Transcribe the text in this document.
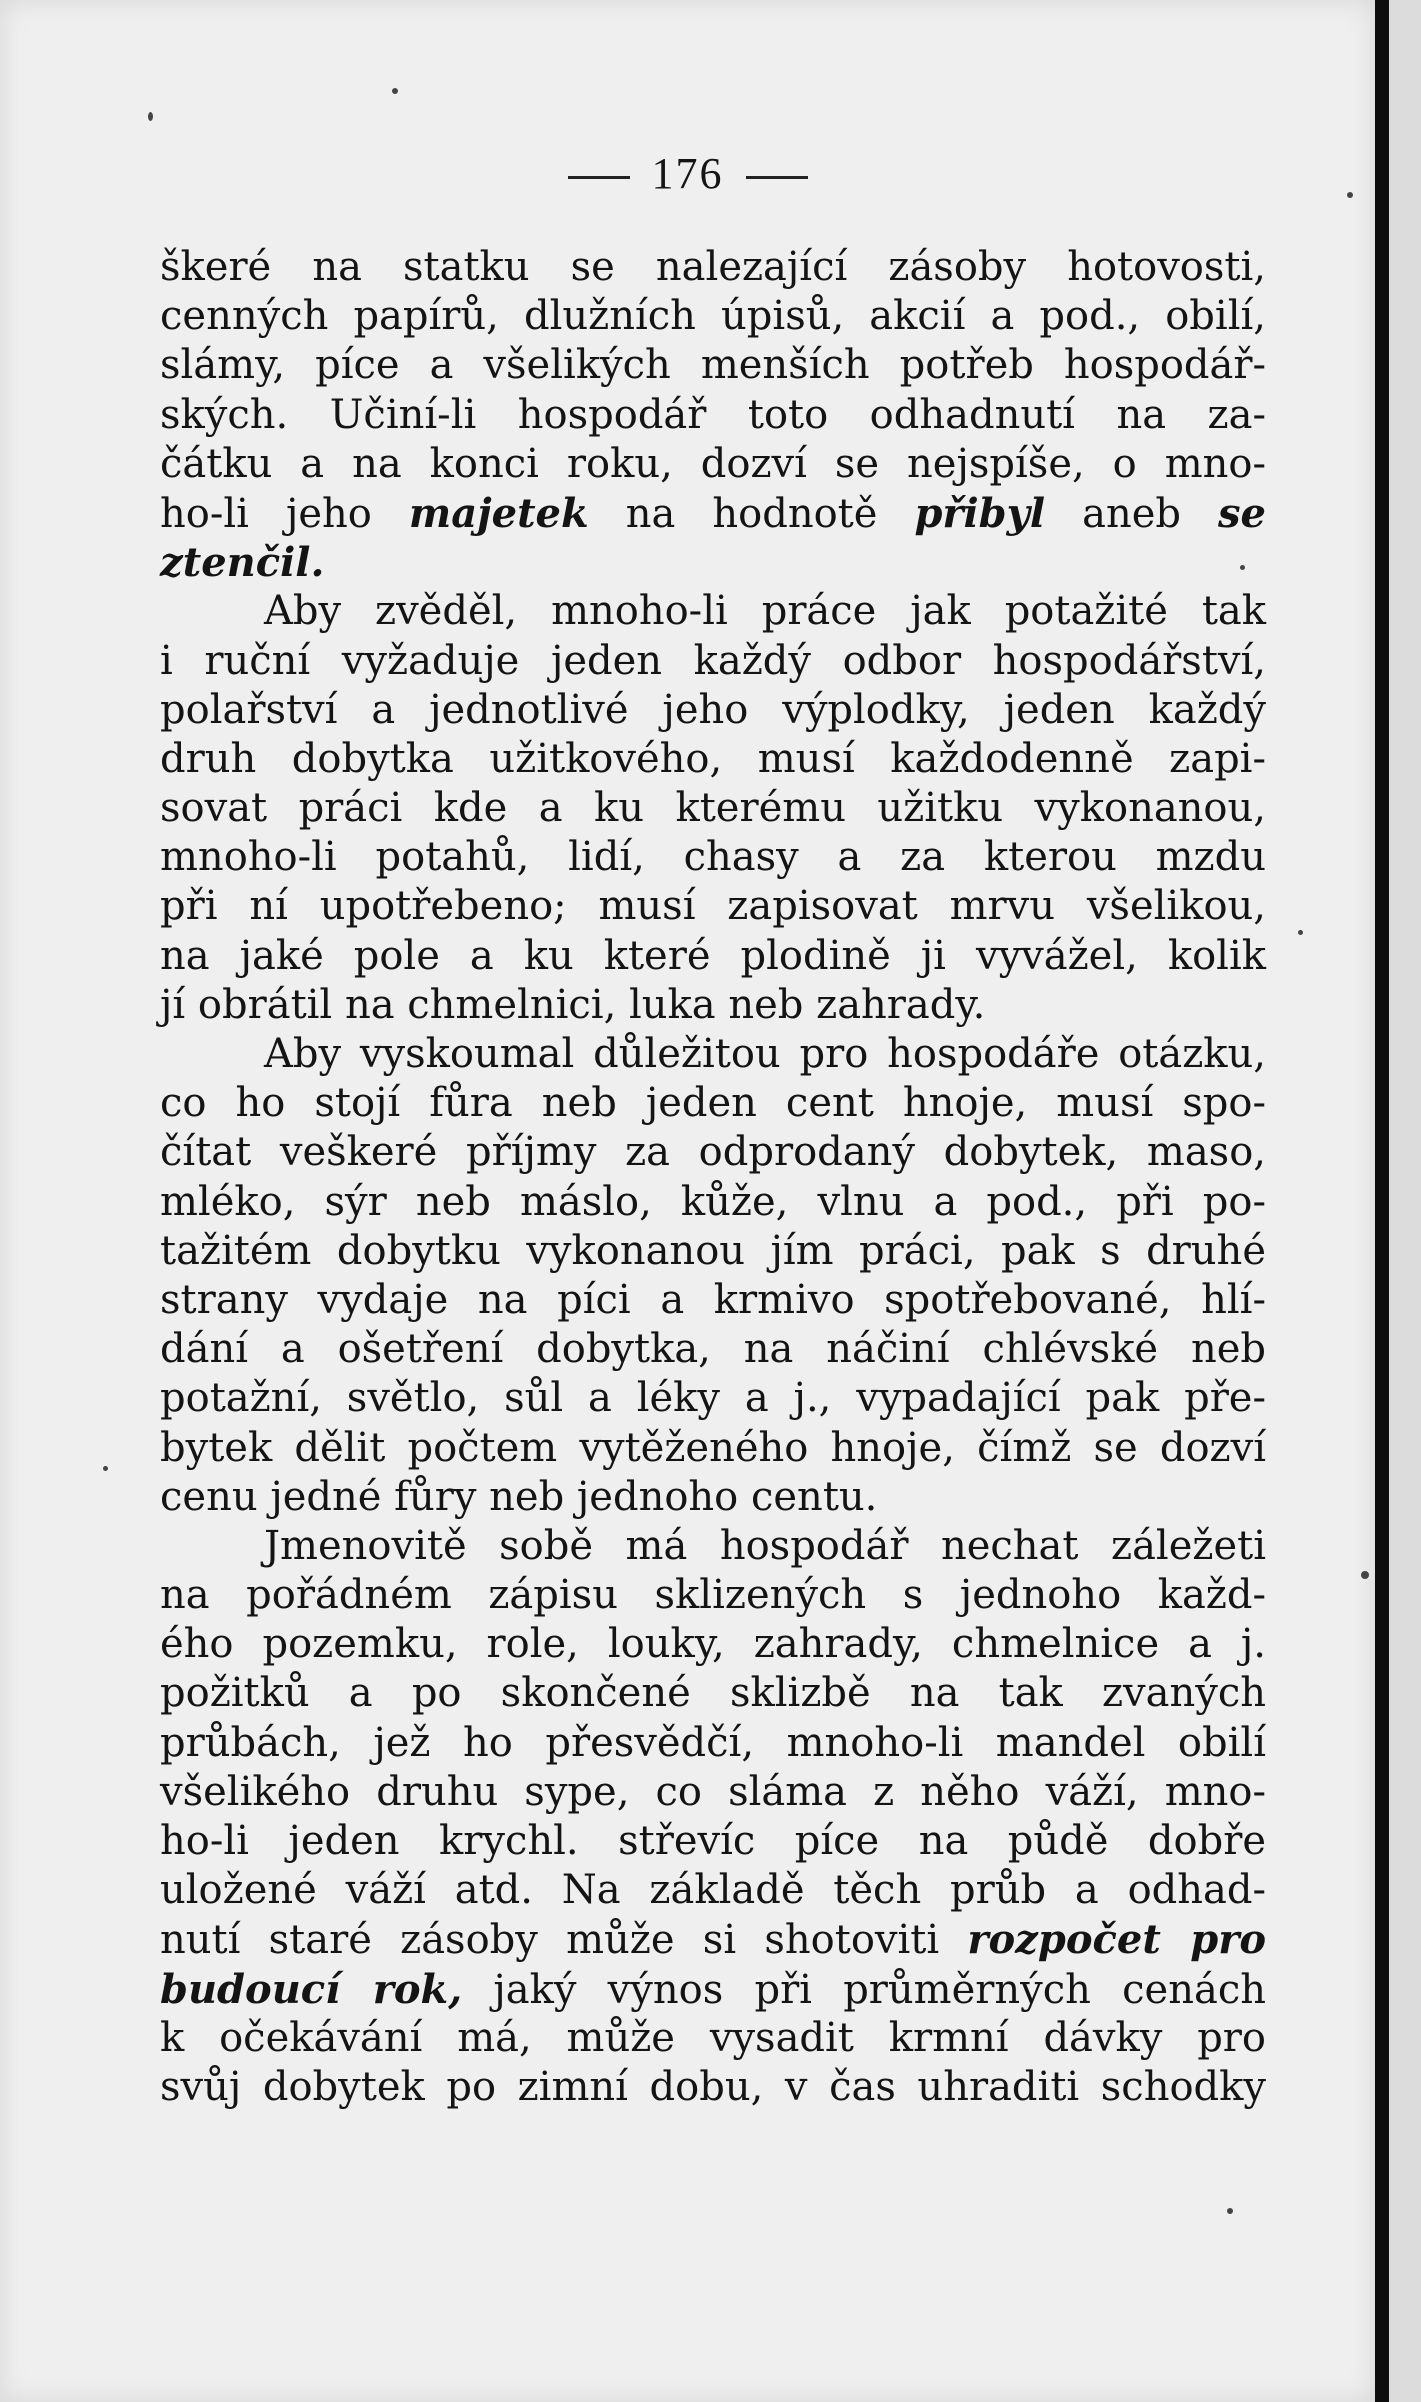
176
škeré na statku se nalezající zásoby hotovosti,
cenných papírů, dlužních úpisů, akcií a pod., obilí,
slámy, píce a všelikých menších potřeb hospodář-
ských. Učiní-li hospodář toto odhadnutí na za-
čátku a na konci roku, dozví se nejspíše, o mno-
ho-li jeho majetek na hodnotě přibyl aneb se
ztenčil.
Aby zvěděl, mnoho-li práce jak potažité tak
i ruční vyžaduje jeden každý odbor hospodářství,
polařství a jednotlivé jeho výplodky, jeden každý
druh dobytka užitkového, musí každodenně zapi-
sovat práci kde a ku kterému užitku vykonanou,
mnoho-li potahů, lidí, chasy a za kterou mzdu
při ní upotřebeno; musí zapisovat mrvu všelikou,
na jaké pole a ku které plodině ji vyvážel, kolik
jí obrátil na chmelnici, luka neb zahrady.
Aby vyskoumal důležitou pro hospodáře otázku,
co ho stojí fůra neb jeden cent hnoje, musí spo-
čítat veškeré příjmy za odprodaný dobytek, maso,
mléko, sýr neb máslo, kůže, vlnu a pod., při po-
tažitém dobytku vykonanou jím práci, pak s druhé
strany vydaje na píci a krmivo spotřebované, hlí-
dání a ošetření dobytka, na náčiní chlévské neb
potažní, světlo, sůl a léky a j., vypadající pak pře-
bytek dělit počtem vytěženého hnoje, čímž se dozví
cenu jedné fůry neb jednoho centu.
Jmenovitě sobě má hospodář nechat záležeti
na pořádném zápisu sklizených s jednoho každ-
ého pozemku, role, louky, zahrady, chmelnice a j.
požitků a po skončené sklizbě na tak zvaných
průbách, jež ho přesvědčí, mnoho-li mandel obilí
všelikého druhu sype, co sláma z něho váží, mno-
ho-li jeden krychl. střevíc píce na půdě dobře
uložené váží atd. Na základě těch průb a odhad-
nutí staré zásoby může si shotoviti rozpočet pro
budoucí rok, jaký výnos při průměrných cenách
k očekávání má, může vysadit krmní dávky pro
svůj dobytek po zimní dobu, v čas uhraditi schodky
